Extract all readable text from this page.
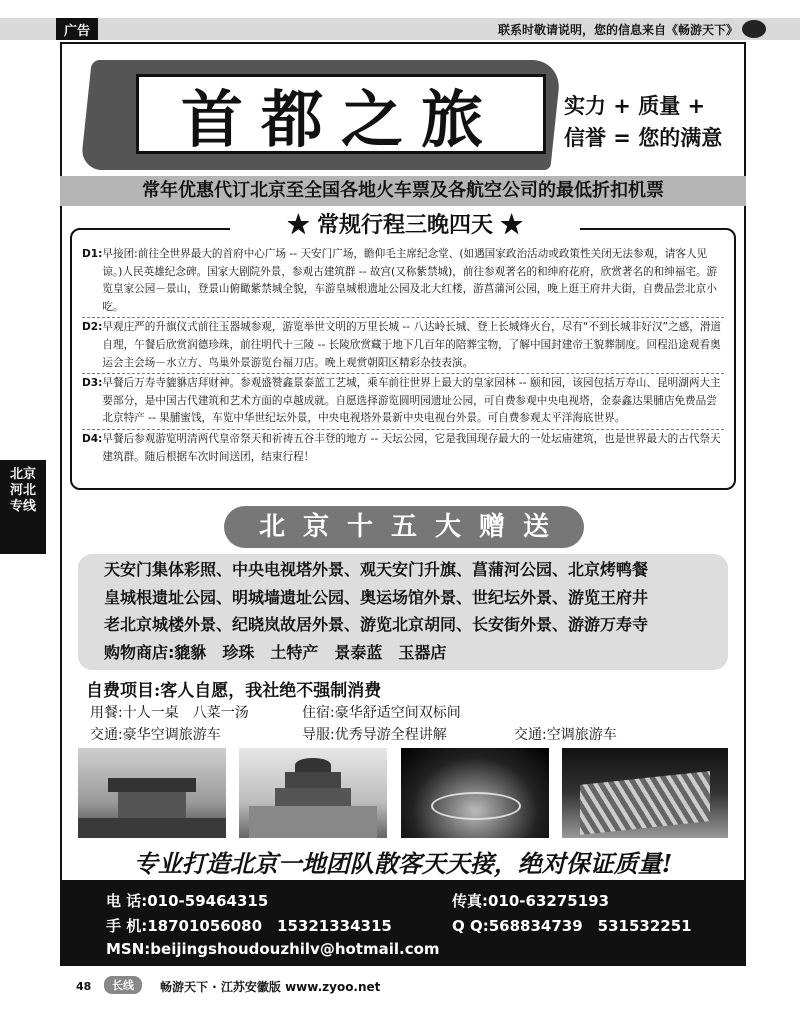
广告	联系时敬请说明，您的信息来自《畅游天下》
首都之旅	实力 + 质量 +
信誉 = 您的满意
常年优惠代订北京至全国各地火车票及各航空公司的最低折扣机票
★ 常规行程三晚四天 ★
D1: 早接团:前往全世界最大的首府中心广场 -- 天安门广场，瞻仰毛主席纪念堂、(如遇国家政治活动或政策性关闭无法参观，请客人见谅。)人民英雄纪念碑。国家大剧院外景，参观古建筑群 -- 故宫(又称紫禁城)，前往参观著名的和绅府花府，欣赏著名的和绅福宅。游览皇家公园－景山，登景山俯瞰紫禁城全貌，车游皇城根遗址公园及北大红楼，游菖蒲河公园，晚上逛王府井大街，自费品尝北京小吃。
D2: 早观庄严的升旗仪式前往玉器城参观，游览举世文明的万里长城 -- 八达岭长城、登上长城烽火台，尽有“不到长城非好汉”之感，滑道自理，午餐后欣赏润德珍珠，前往明代十三陵 -- 长陵欣赏藏于地下几百年的陪葬宝物，了解中国封建帝王貌葬制度。回程沿途观看奥运会主会场－水立方、鸟巢外景游览台福刀店。晚上观赏朝阳区精彩杂技表演。
D3: 早餐后万寿寺貔貅店拜财神。参观盛赞鑫景泰蓝工艺城，乘车前往世界上最大的皇家园林 -- 颐和园，该园包括万寿山、昆明湖两大主要部分，是中国古代建筑和艺术方面的卓越成就。自愿选择游览圆明园遗址公园，可自费参观中央电视塔，金泰鑫达果脯店免费品尝北京特产 -- 果脯蜜饯，车览中华世纪坛外景，中央电视塔外景新中央电视台外景。可自费参观太平洋海底世界。
D4: 早餐后参观游览明清两代皇帝祭天和祈祷五谷丰登的地方 -- 天坛公园，它是我国现存最大的一处坛庙建筑，也是世界最大的古代祭天建筑群。随后根据车次时间送团，结束行程！
北京
河北
专线
北 京 十 五 大 赠 送
天安门集体彩照、中央电视塔外景、观天安门升旗、菖蒲河公园、北京烤鸭餐
皇城根遗址公园、明城墙遗址公园、奥运场馆外景、世纪坛外景、游览王府井
老北京城楼外景、纪晓岚故居外景、游览北京胡同、长安街外景、游游万寿寺
购物商店:貔貅　珍珠　土特产　景泰蓝　玉器店
自费项目:客人自愿，我社绝不强制消费
用餐:十人一桌　八菜一汤	住宿:豪华舒适空间双标间
交通:豪华空调旅游车	导服:优秀导游全程讲解	交通:空调旅游车
专业打造北京一地团队散客天天接，绝对保证质量!
电 话:010-59464315	传真:010-63275193
手 机:18701056080　15321334315	Q Q:568834739　531532251
MSN:beijingshoudouzhilv@hotmail.com
48	长线	畅游天下 · 江苏安徽版 www.zyoo.net
